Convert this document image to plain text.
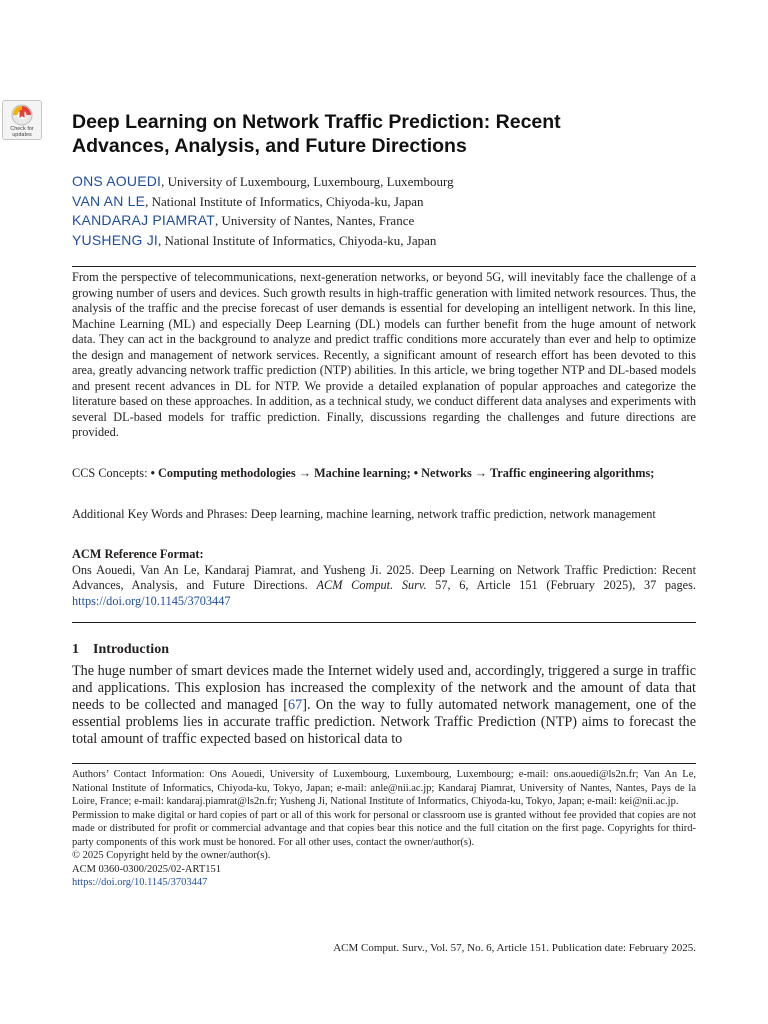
Check for
updates
Deep Learning on Network Traffic Prediction: Recent
Advances, Analysis, and Future Directions
ONS AOUEDI, University of Luxembourg, Luxembourg, Luxembourg
VAN AN LE, National Institute of Informatics, Chiyoda-ku, Japan
KANDARAJ PIAMRAT, University of Nantes, Nantes, France
YUSHENG JI, National Institute of Informatics, Chiyoda-ku, Japan

From the perspective of telecommunications, next-generation networks, or beyond 5G, will inevitably face the challenge of a growing number of users and devices. Such growth results in high-traffic generation with limited network resources. Thus, the analysis of the traffic and the precise forecast of user demands is essential for developing an intelligent network. In this line, Machine Learning (ML) and especially Deep Learning (DL) models can further benefit from the huge amount of network data. They can act in the background to analyze and predict traffic conditions more accurately than ever and help to optimize the design and management of network services. Recently, a significant amount of research effort has been devoted to this area, greatly advancing network traffic prediction (NTP) abilities. In this article, we bring together NTP and DL-based models and present recent advances in DL for NTP. We provide a detailed explanation of popular approaches and categorize the literature based on these approaches. In addition, as a technical study, we conduct different data analyses and experiments with several DL-based models for traffic prediction. Finally, discussions regarding the challenges and future directions are provided.

CCS Concepts: • Computing methodologies → Machine learning; • Networks → Traffic engineering algorithms;
Additional Key Words and Phrases: Deep learning, machine learning, network traffic prediction, network management
ACM Reference Format:
Ons Aouedi, Van An Le, Kandaraj Piamrat, and Yusheng Ji. 2025. Deep Learning on Network Traffic Prediction: Recent Advances, Analysis, and Future Directions. ACM Comput. Surv. 57, 6, Article 151 (February 2025), 37 pages. https://doi.org/10.1145/3703447
1 Introduction
The huge number of smart devices made the Internet widely used and, accordingly, triggered a surge in traffic and applications. This explosion has increased the complexity of the network and the amount of data that needs to be collected and managed [67]. On the way to fully automated network management, one of the essential problems lies in accurate traffic prediction. Network Traffic Prediction (NTP) aims to forecast the total amount of traffic expected based on historical data to

Authors’ Contact Information: Ons Aouedi, University of Luxembourg, Luxembourg, Luxembourg; e-mail: ons.aouedi@ls2n.fr; Van An Le, National Institute of Informatics, Chiyoda-ku, Tokyo, Japan; e-mail: anle@nii.ac.jp; Kandaraj Piamrat, University of Nantes, Nantes, Pays de la Loire, France; e-mail: kandaraj.piamrat@ls2n.fr; Yusheng Ji, National Institute of Informatics, Chiyoda-ku, Tokyo, Japan; e-mail: kei@nii.ac.jp.

Permission to make digital or hard copies of part or all of this work for personal or classroom use is granted without fee provided that copies are not made or distributed for profit or commercial advantage and that copies bear this notice and the full citation on the first page. Copyrights for third-party components of this work must be honored. For all other uses, contact the owner/author(s).

© 2025 Copyright held by the owner/author(s).

ACM 0360-0300/2025/02-ART151

https://doi.org/10.1145/3703447

ACM Comput. Surv., Vol. 57, No. 6, Article 151. Publication date: February 2025.
